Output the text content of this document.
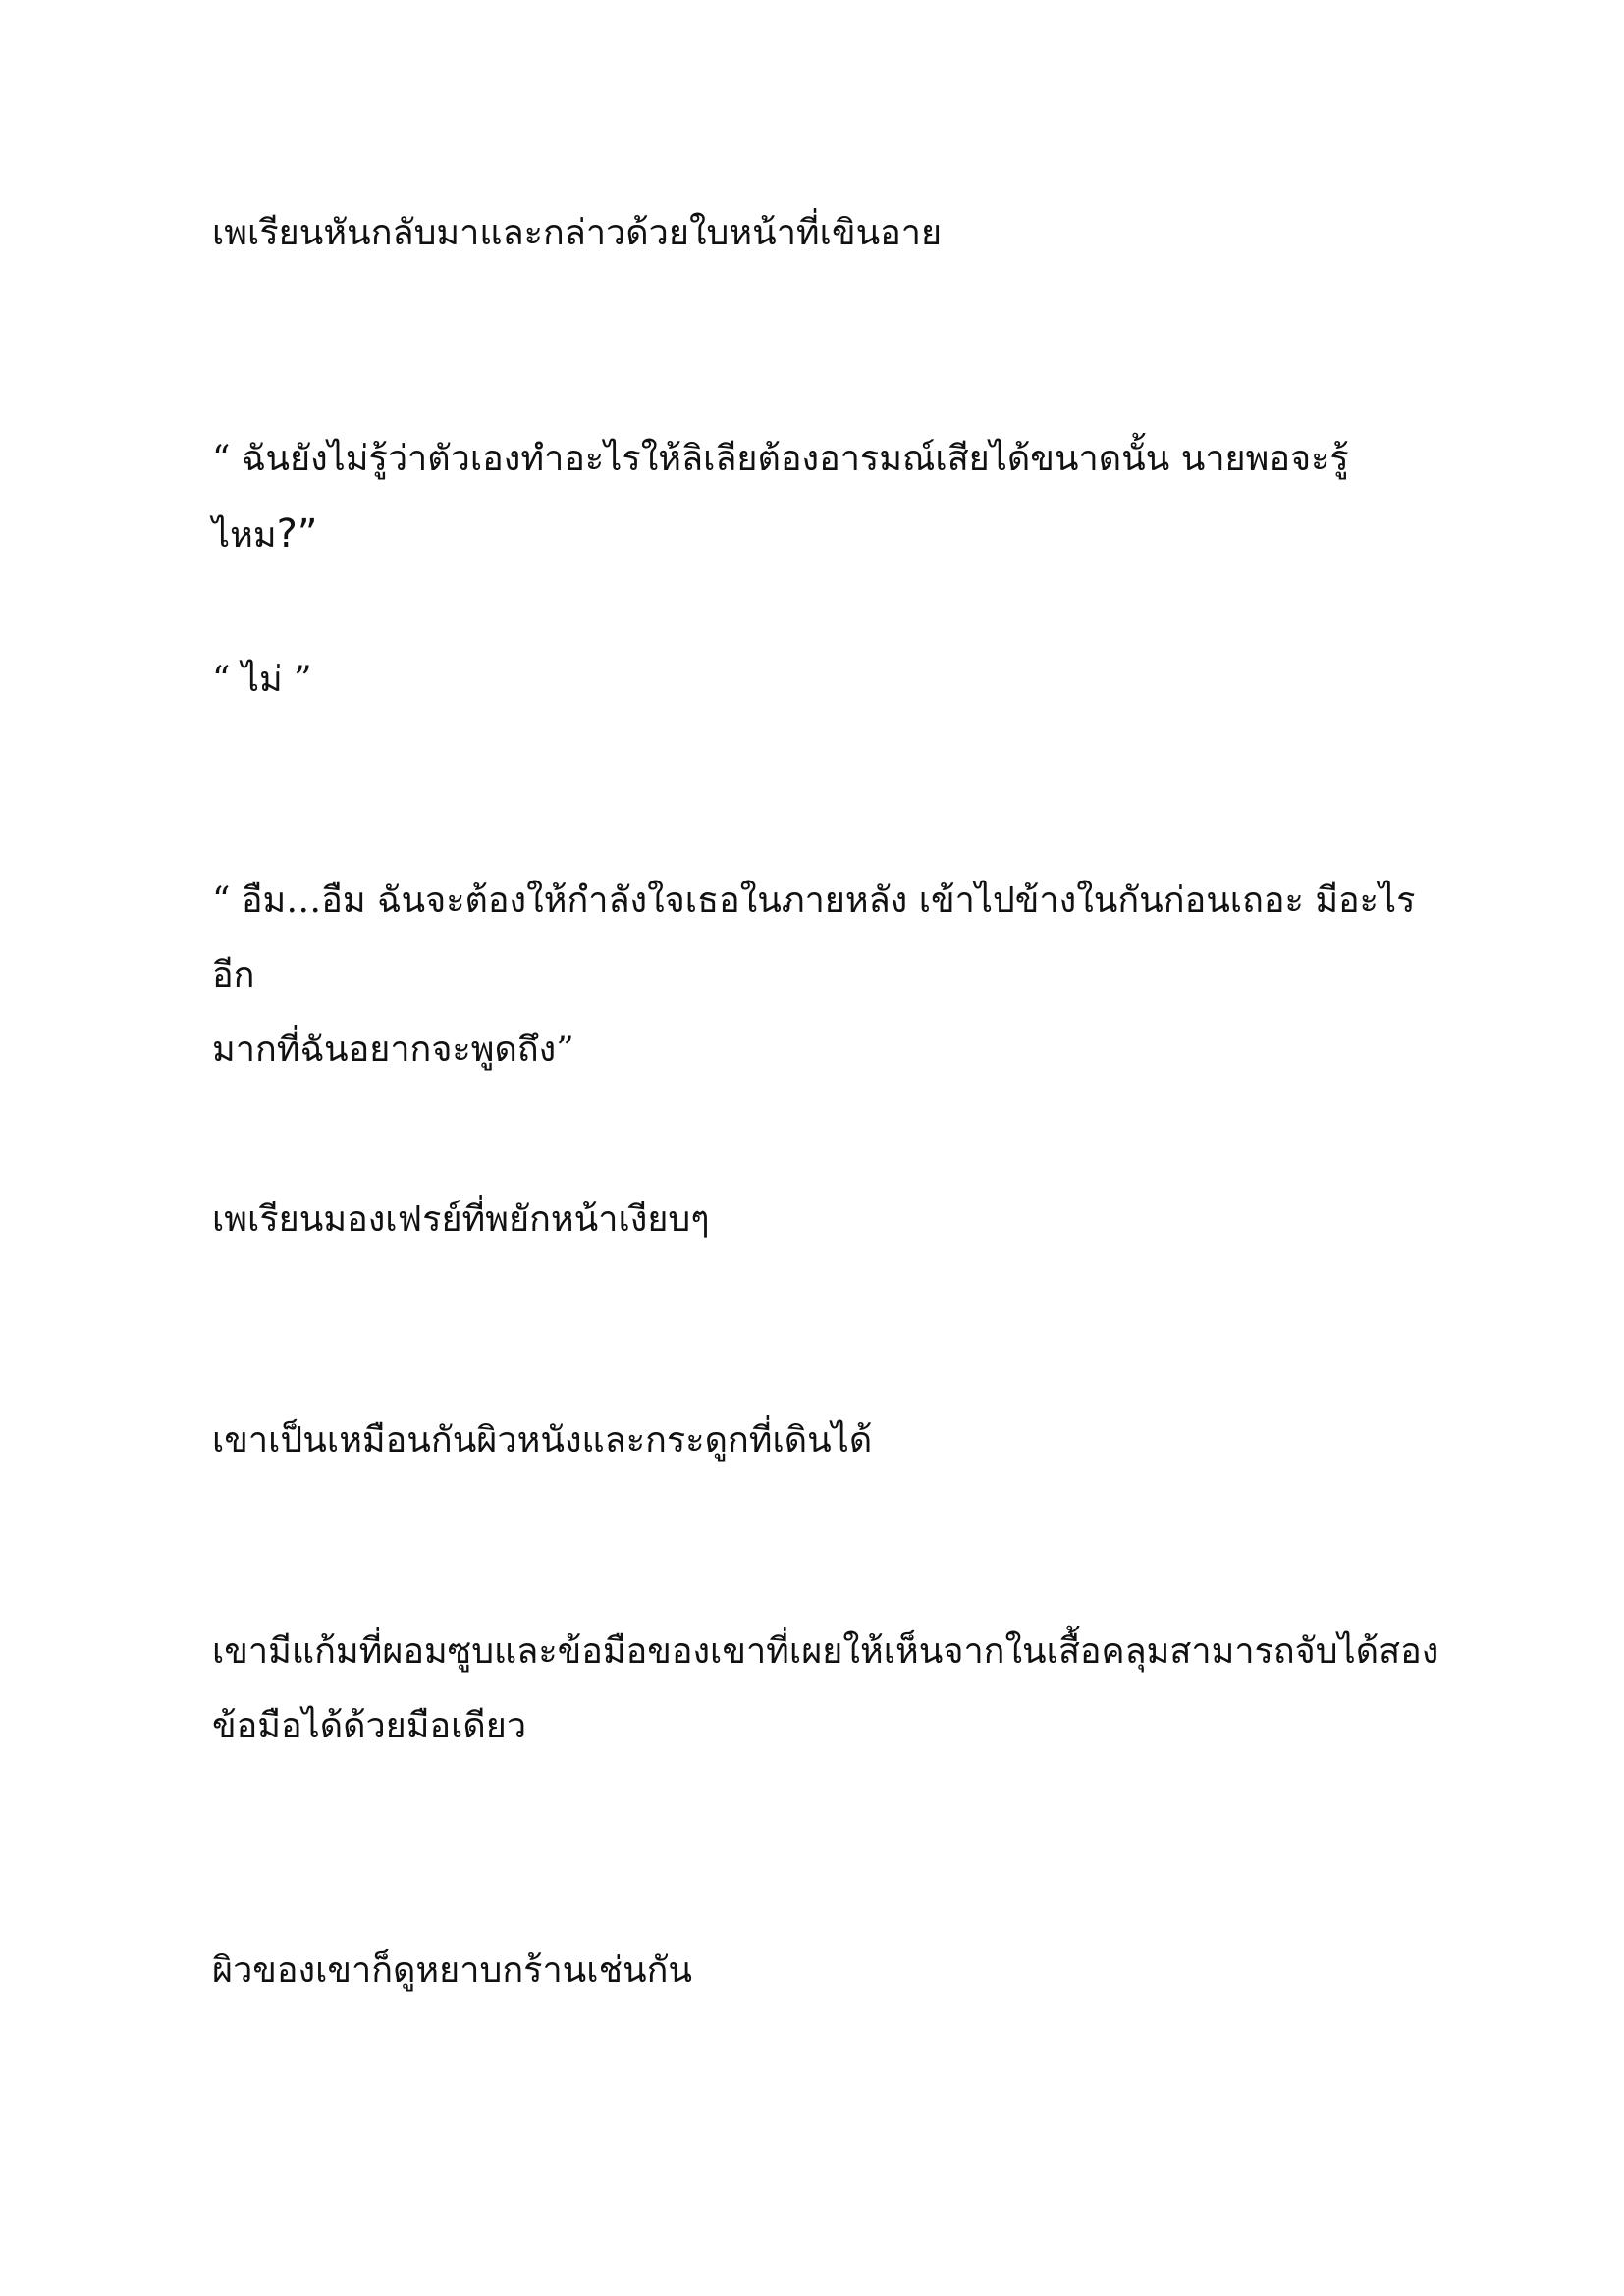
เพเรียนหันกลับมาและกล่าวด้วยใบหน้าที่เขินอาย

“ ฉันยังไม่รู้ว่าตัวเองทำอะไรให้ลิเลียต้องอารมณ์เสียได้ขนาดนั้น นายพอจะรู้ไหม?”

“ ไม่ ”

“ อืม…อืม ฉันจะต้องให้กำลังใจเธอในภายหลัง เข้าไปข้างในกันก่อนเถอะ มีอะไรอีก
มากที่ฉันอยากจะพูดถึง”

เพเรียนมองเฟรย์ที่พยักหน้าเงียบๆ

เขาเป็นเหมือนกันผิวหนังและกระดูกที่เดินได้

เขามีแก้มที่ผอมซูบและข้อมือของเขาที่เผยให้เห็นจากในเสื้อคลุมสามารถจับได้สอง
ข้อมือได้ด้วยมือเดียว

ผิวของเขาก็ดูหยาบกร้านเช่นกัน
